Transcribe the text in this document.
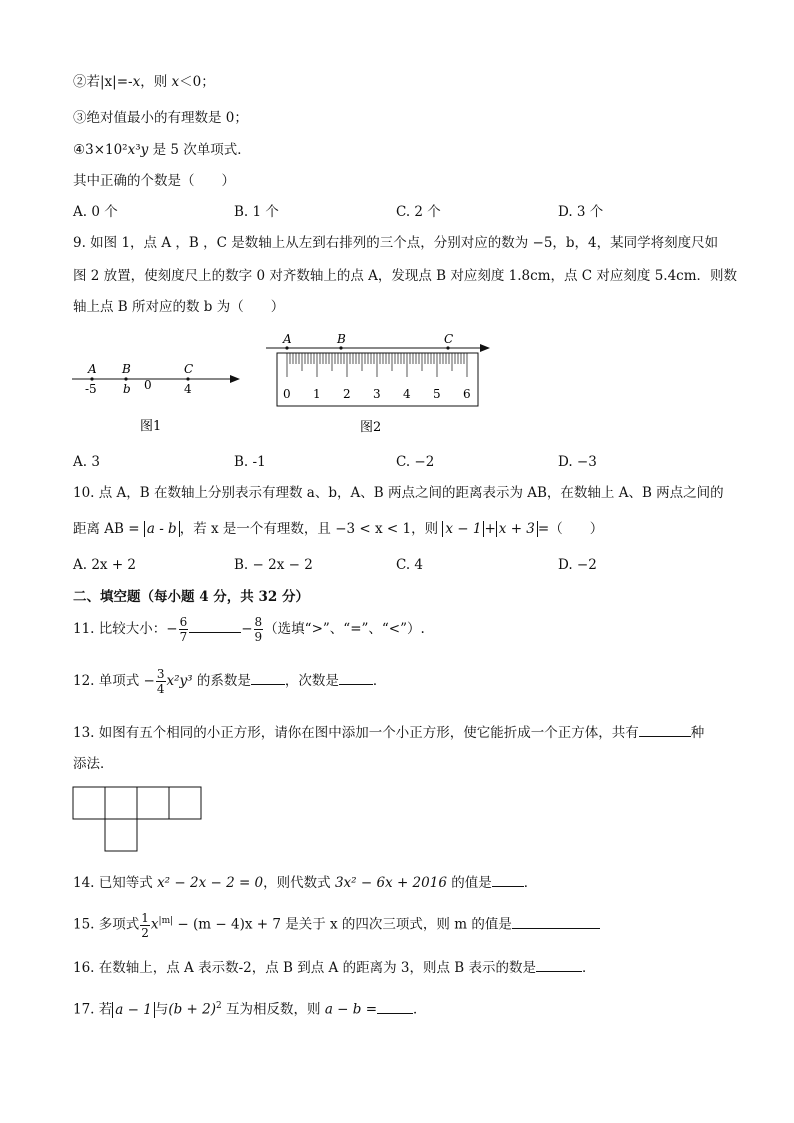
②若|x|=-x，则 x＜0；
③绝对值最小的有理数是 0；
④3×10²x³y 是 5 次单项式．
其中正确的个数是（　　）
A. 0 个	B. 1 个	C. 2 个	D. 3 个
9. 如图 1，点 A ，B ，C 是数轴上从左到右排列的三个点，分别对应的数为 −5，b，4，某同学将刻度尺如
图 2 放置，使刻度尺上的数字 0 对齐数轴上的点 A，发现点 B 对应刻度 1.8cm，点 C 对应刻度 5.4cm．则数
轴上点 B 所对应的数 b 为（　　）
A B	C
-5 b 0	4
图1
A	B	C
0 1 2 3 4 5 6
图2
A. 3	B. -1	C. −2	D. −3
10. 点 A，B 在数轴上分别表示有理数 a、b，A、B 两点之间的距离表示为 AB，在数轴上 A、B 两点之间的
距离 AB = a - b ，若 x 是一个有理数，且 −3 < x < 1，则 x − 1 + x + 3 =（　　）
A. 2x + 2	B. − 2x − 2	C. 4	D. −2
二、填空题（每小题 4 分，共 32 分）
11. 比较大小：− $\frac{6}{7}$	− $\frac{8}{9}$ （选填“>”、“=”、“<”）.
12. 单项式 − $\frac{3}{4} x^2y^3$ 的系数是	，次数是	．
13. 如图有五个相同的小正方形，请你在图中添加一个小正方形，使它能折成一个正方体，共有	种
添法．
14. 已知等式 x² − 2x − 2 = 0，则代数式 3x² − 6x + 2016 的值是 ．
15. 多项式 $\frac{1}{2} x^{|m|} - (m - 4)x + 7$ 是关于 x 的四次三项式，则 m 的值是
16. 在数轴上，点 A 表示数-2，点 B 到点 A 的距离为 3，则点 B 表示的数是	．
17. 若 a − 1 与$(b + 2)^2$ 互为相反数，则 a − b =	．
